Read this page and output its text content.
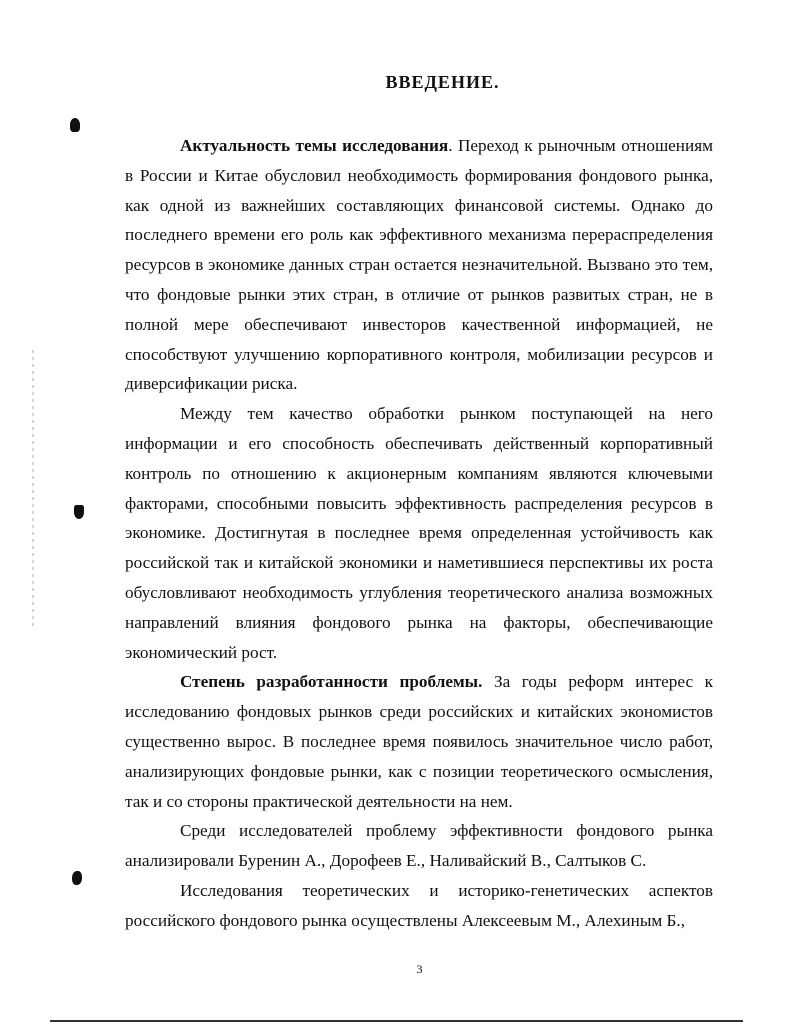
ВВЕДЕНИЕ.

Актуальность темы исследования. Переход к рыночным отношениям в России и Китае обусловил необходимость формирования фондового рынка, как одной из важнейших составляющих финансовой системы. Однако до последнего времени его роль как эффективного механизма перераспределения ресурсов в экономике данных стран остается незначительной. Вызвано это тем, что фондовые рынки этих стран, в отличие от рынков развитых стран, не в полной мере обеспечивают инвесторов качественной информацией, не способствуют улучшению корпоративного контроля, мобилизации ресурсов и диверсификации риска.

Между тем качество обработки рынком поступающей на него информации и его способность обеспечивать действенный корпоративный контроль по отношению к акционерным компаниям являются ключевыми факторами, способными повысить эффективность распределения ресурсов в экономике. Достигнутая в последнее время определенная устойчивость как российской так и китайской экономики и наметившиеся перспективы их роста обусловливают необходимость углубления теоретического анализа возможных направлений влияния фондового рынка на факторы, обеспечивающие экономический рост.

Степень разработанности проблемы. За годы реформ интерес к исследованию фондовых рынков среди российских и китайских экономистов существенно вырос. В последнее время появилось значительное число работ, анализирующих фондовые рынки, как с позиции теоретического осмысления, так и со стороны практической деятельности на нем.

Среди исследователей проблему эффективности фондового рынка анализировали Буренин А., Дорофеев Е., Наливайский В., Салтыков С.

Исследования теоретических и историко-генетических аспектов российского фондового рынка осуществлены Алексеевым М., Алехиным Б.,

3
